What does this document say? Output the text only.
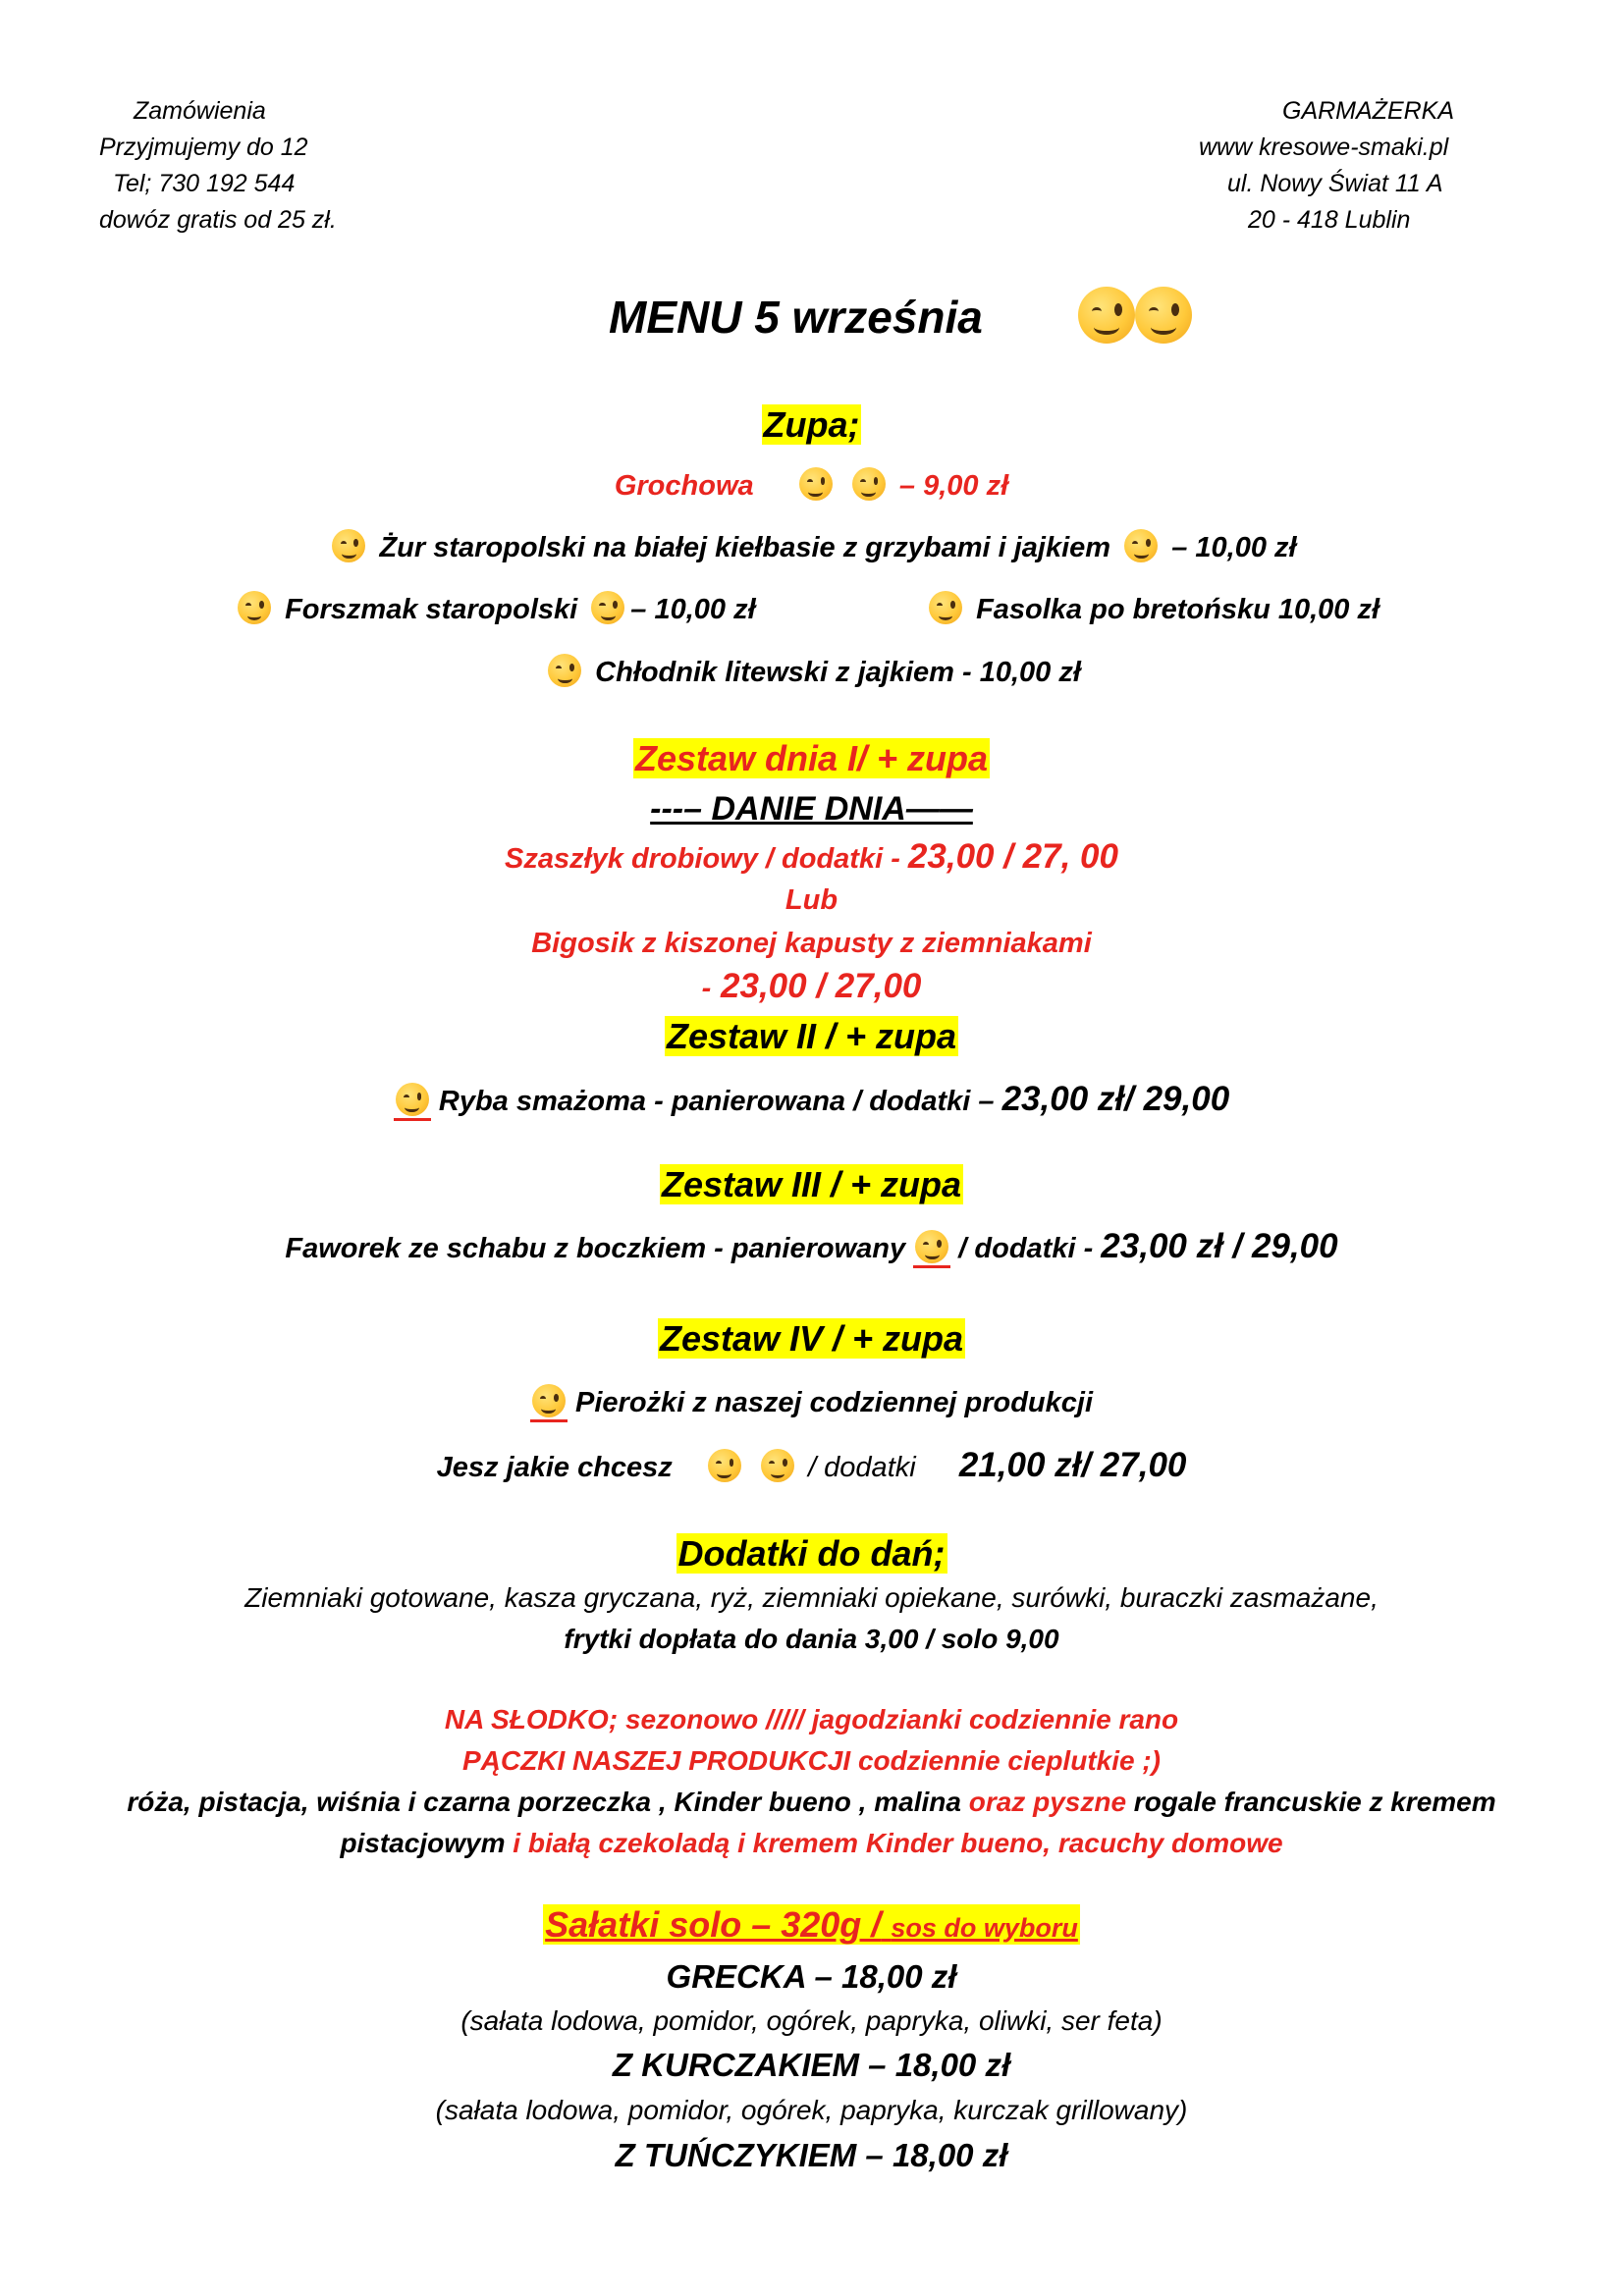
Zamówienia
Przyjmujemy do 12
Tel; 730 192 544
dowóz gratis od 25 zł.
GARMAŻERKA
www kresowe-smaki.pl
ul. Nowy Świat 11 A
20 - 418 Lublin
MENU 5 września
Zupa;
Grochowa
	– 9,00 zł
Żur staropolski na białej kiełbasie z grzybami i jajkiem – 10,00 zł
Forszmak staropolski – 10,00 zł	Fasolka po bretońsku 10,00 zł
Chłodnik litewski z jajkiem - 10,00 zł
Zestaw dnia I/ + zupa
---– DANIE DNIA——
Szaszłyk drobiowy / dodatki - 23,00 / 27, 00
Lub
Bigosik z kiszonej kapusty z ziemniakami
- 23,00 / 27,00
Zestaw II / + zupa
Ryba smażoma - panierowana / dodatki – 23,00 zł/ 29,00
Zestaw III / + zupa
Faworek ze schabu z boczkiem - panierowany / dodatki - 23,00 zł / 29,00
Zestaw IV / + zupa
Pierożki z naszej codziennej produkcji
Jesz jakie chcesz
	/ dodatki 21,00 zł/ 27,00
Dodatki do dań;
Ziemniaki gotowane, kasza gryczana, ryż, ziemniaki opiekane, surówki, buraczki zasmażane,
frytki dopłata do dania 3,00 / solo 9,00
NA SŁODKO; sezonowo ///// jagodzianki codziennie rano
PĄCZKI NASZEJ PRODUKCJI codziennie cieplutkie ;)
róża, pistacja, wiśnia i czarna porzeczka , Kinder bueno , malina oraz pyszne rogale francuskie z kremem
pistacjowym i białą czekoladą i kremem Kinder bueno, racuchy domowe
Sałatki solo – 320g / sos do wyboru
GRECKA – 18,00 zł
(sałata lodowa, pomidor, ogórek, papryka, oliwki, ser feta)
Z KURCZAKIEM – 18,00 zł
(sałata lodowa, pomidor, ogórek, papryka, kurczak grillowany)
Z TUŃCZYKIEM – 18,00 zł
